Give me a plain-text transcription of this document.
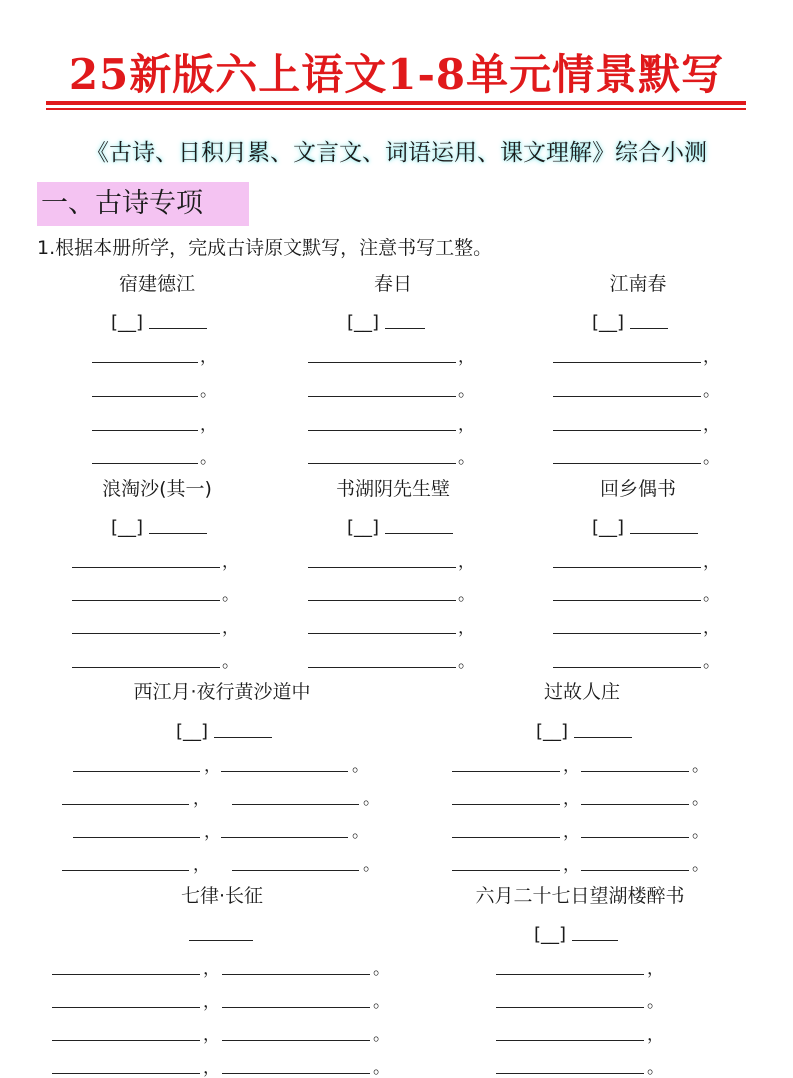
25新版六上语文1-8单元情景默写
《古诗、日积月累、文言文、词语运用、课文理解》综合小测
一、古诗专项
1.根据本册所学，完成古诗原文默写，注意书写工整。
宿建德江
[__]
，
。
，
。
春日
[__]
，
。
，
。
江南春
[__]
，
。
，
。
浪淘沙(其一)
[__]
，
。
，
。
书湖阴先生壁
[__]
，
。
，
。
回乡偶书
[__]
，
。
，
。
西江月·夜行黄沙道中
[__]
，	。
，	。
，	。
，	。
过故人庄
[__]
，	。
，	。
，	。
，	。
七律·长征
，	。
，	。
，	。
，	。
六月二十七日望湖楼醉书
[__]
，
。
，
。
